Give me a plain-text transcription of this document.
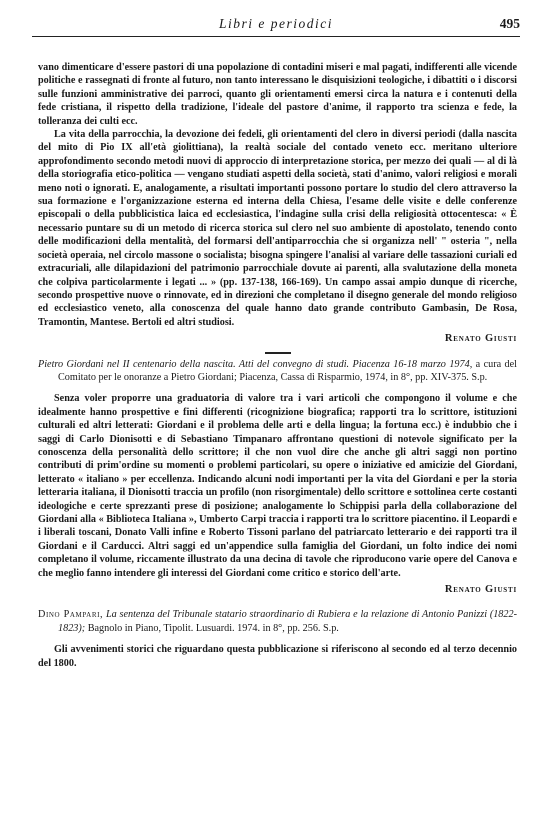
Libri e periodici	495

vano dimenticare d'essere pastori di una popolazione di contadini miseri e mal pagati, indifferenti alle vicende politiche e rassegnati di fronte al futuro, non tanto interessano le disquisizioni teologiche, i dibattiti o i discorsi sulle funzioni amministrative dei parroci, quanto gli orientamenti emersi circa la natura e i contenuti della fede cristiana, il rispetto della tradizione, l'ideale del pastore d'anime, il rapporto tra scienza e fede, la tolleranza dei culti ecc.

La vita della parrocchia, la devozione dei fedeli, gli orientamenti del clero in diversi periodi (dalla nascita del mito di Pio IX all'età giolittiana), la realtà sociale del contado veneto ecc. meritano ulteriore approfondimento secondo metodi nuovi di approccio di interpretazione storica, per mezzo dei quali — al di là della storiografia etico-politica — vengano studiati aspetti della società, stati d'animo, valori religiosi e morali meno noti o ignorati. E, analogamente, a risultati importanti possono portare lo studio del clero attraverso la sua formazione e l'organizzazione esterna ed interna della Chiesa, l'esame delle visite e delle conferenze episcopali o della pubblicistica laica ed ecclesiastica, l'indagine sulla crisi della religiosità ottocentesca: « È necessario puntare su di un metodo di ricerca storica sul clero nel suo ambiente di apostolato, tenendo conto delle modificazioni della mentalità, del formarsi dell'antiparrocchia che si organizza nell' " osteria ", nella società operaia, nel circolo massone o socialista; bisogna spingere l'analisi al variare delle tassazioni curiali ed extracuriali, alle dilapidazioni del patrimonio parrocchiale dovute ai parenti, alla svalutazione della moneta che colpiva particolarmente i legati ... » (pp. 137-138, 166-169). Un campo assai ampio dunque di ricerche, secondo prospettive nuove o rinnovate, ed in direzioni che completano il disegno generale del mondo religioso ed ecclesiastico veneto, alla conoscenza del quale hanno dato grande contributo Gambasin, De Rosa, Tramontin, Mantese. Bertoli ed altri studiosi.

Renato Giusti

Pietro Giordani nel II centenario della nascita. Atti del convegno di studi. Piacenza 16-18 marzo 1974, a cura del Comitato per le onoranze a Pietro Giordani; Piacenza, Cassa di Risparmio, 1974, in 8°, pp. XIV-375. S.p.

Senza voler proporre una graduatoria di valore tra i vari articoli che compongono il volume e che idealmente hanno prospettive e fini differenti (ricognizione biografica; rapporti tra lo scrittore, istituzioni culturali ed altri letterati: Giordani e il problema delle arti e della lingua; la fortuna ecc.) è indubbio che i saggi di Carlo Dionisotti e di Sebastiano Timpanaro affrontano questioni di notevole significato per la conoscenza della personalità dello scrittore; il che non vuol dire che anche gli altri saggi non portino contributi di prim'ordine su momenti o problemi particolari, su opere o iniziative ed amicizie del Giordani, letterato « italiano » per eccellenza. Indicando alcuni nodi importanti per la vita del Giordani e per la storia letteraria italiana, il Dionisotti traccia un profilo (non risorgimentale) dello scrittore e sottolinea certe costanti ideologiche e certe sprezzanti prese di posizione; analogamente lo Schippisi parla della collaborazione del Giordani alla « Biblioteca Italiana », Umberto Carpi traccia i rapporti tra lo scrittore piacentino. il Leopardi e i liberali toscani, Donato Valli infine e Roberto Tissoni parlano del patriarcato letterario e dei rapporti tra il Giordani e il Carducci. Altri saggi ed un'appendice sulla famiglia del Giordani, un folto indice dei nomi completano il volume, riccamente illustrato da una decina di tavole che riproducono varie opere del Canova e che meglio fanno intendere gli interessi del Giordani come critico e storico dell'arte.

Renato Giusti

Dino Pampari, La sentenza del Tribunale statario straordinario di Rubiera e la relazione di Antonio Panizzi (1822-1823); Bagnolo in Piano, Tipolit. Lusuardi. 1974. in 8°, pp. 256. S.p.

Gli avvenimenti storici che riguardano questa pubblicazione si riferiscono al secondo ed al terzo decennio del 1800.
